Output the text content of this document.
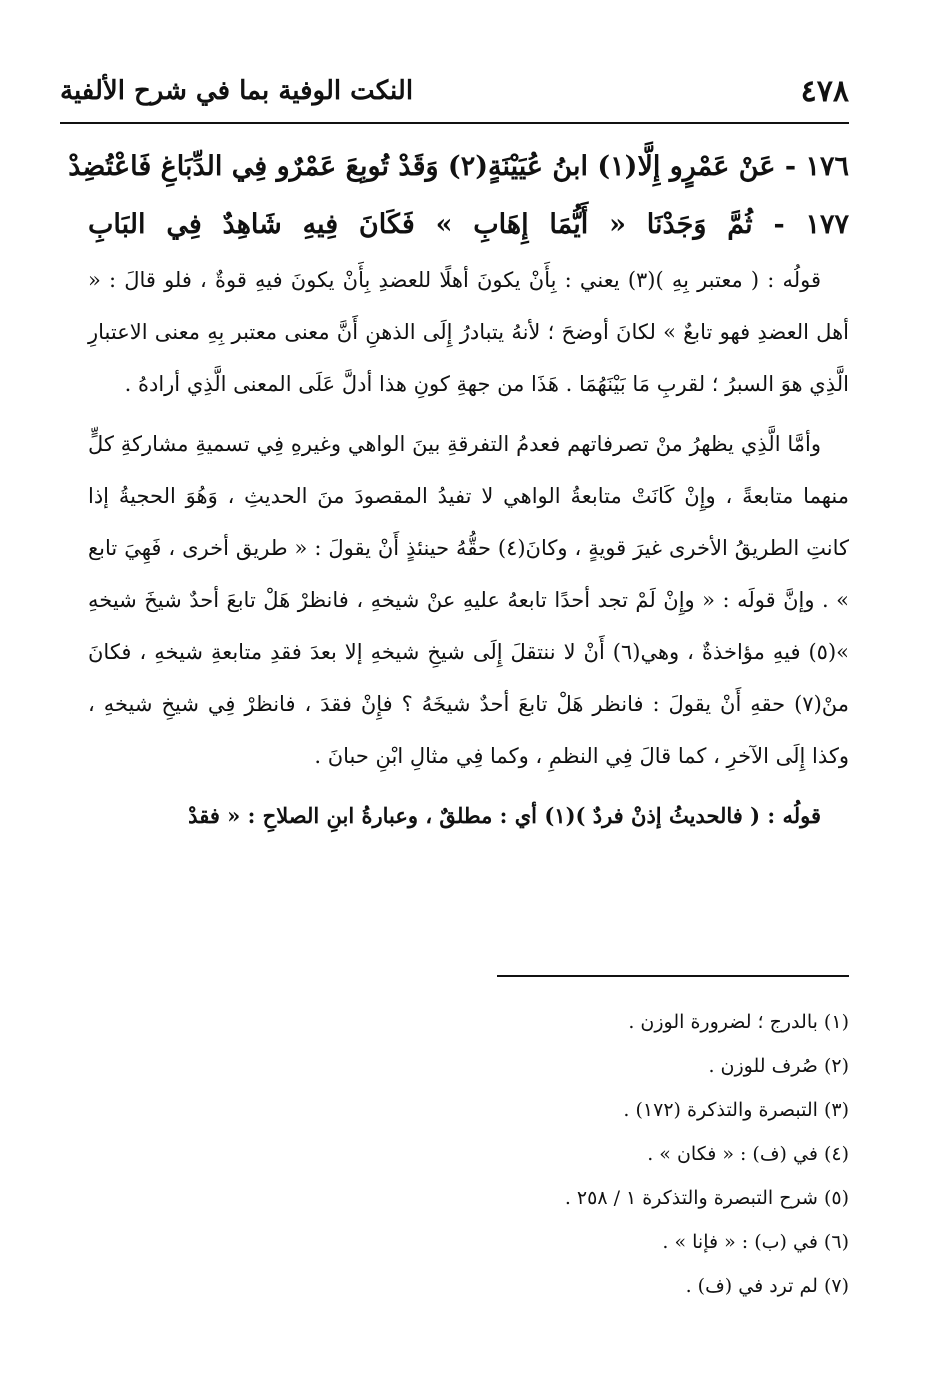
٤٧٨
النكت الوفية بما في شرح الألفية
١٧٦ - عَنْ عَمْرٍو إِلَّا(١) ابنُ عُيَيْنَةٍ(٢) وَقَدْ تُوبِعَ عَمْرٌو فِي الدِّبَاغِ فَاعْتُضِدْ
١٧٧ - ثُمَّ وَجَدْنَا « أَيُّمَا إِهَابِ » فَكَانَ فِيهِ شَاهِدٌ فِي البَابِ

قولُه : ( معتبر بِهِ )(٣) يعني : بِأَنْ يكونَ أهلًا للعضدِ بِأَنْ يكونَ فيهِ قوةٌ ، فلو قالَ : « أهل العضدِ فهو تابعٌ » لكانَ أوضحَ ؛ لأنهُ يتبادرُ إِلَى الذهنِ أَنَّ معنى معتبر بِهِ معنى الاعتبارِ الَّذِي هوَ السبرُ ؛ لقربِ مَا بَيْنَهُمَا . هَذَا من جهةِ كونِ هذا أدلَّ عَلَى المعنى الَّذِي أرادهُ .

وأمَّا الَّذِي يظهرُ منْ تصرفاتهم فعدمُ التفرقةِ بينَ الواهي وغيرهِ فِي تسميةِ مشاركةِ كلٍّ منهما متابعةً ، وإِنْ كَانَتْ متابعةُ الواهي لا تفيدُ المقصودَ منَ الحديثِ ، وَهُوَ الحجيةُ إذا كانتِ الطريقُ الأخرى غيرَ قويةٍ ، وكانَ(٤) حقُّهُ حينئذٍ أَنْ يقولَ : « طريق أخرى ، فَهِيَ تابع » . وإنَّ قولَه : « وإِنْ لَمْ تجد أحدًا تابعهُ عليهِ عنْ شيخهِ ، فانظرْ هَلْ تابعَ أحدٌ شيخَ شيخهِ »(٥) فيهِ مؤاخذةٌ ، وهي(٦) أَنْ لا ننتقلَ إِلَى شيخِ شيخهِ إلا بعدَ فقدِ متابعةِ شيخهِ ، فكانَ منْ(٧) حقهِ أَنْ يقولَ : فانظر هَلْ تابعَ أحدٌ شيخَهُ ؟ فإِنْ فقدَ ، فانظرْ فِي شيخِ شيخهِ ، وكذا إِلَى الآخرِ ، كما قالَ فِي النظمِ ، وكما فِي مثالِ ابْنِ حبانَ .

قولُه : ( فالحديثُ إذنْ فردٌ )(١) أي : مطلقٌ ، وعبارةُ ابنِ الصلاحِ : « فقدْ

(١) بالدرج ؛ لضرورة الوزن .

(٢) صُرف للوزن .

(٣) التبصرة والتذكرة (١٧٢) .

(٤) في (ف) : « فكان » .

(٥) شرح التبصرة والتذكرة ١ / ٢٥٨ .

(٦) في (ب) : « فإنا » .

(٧) لم ترد في (ف) .
